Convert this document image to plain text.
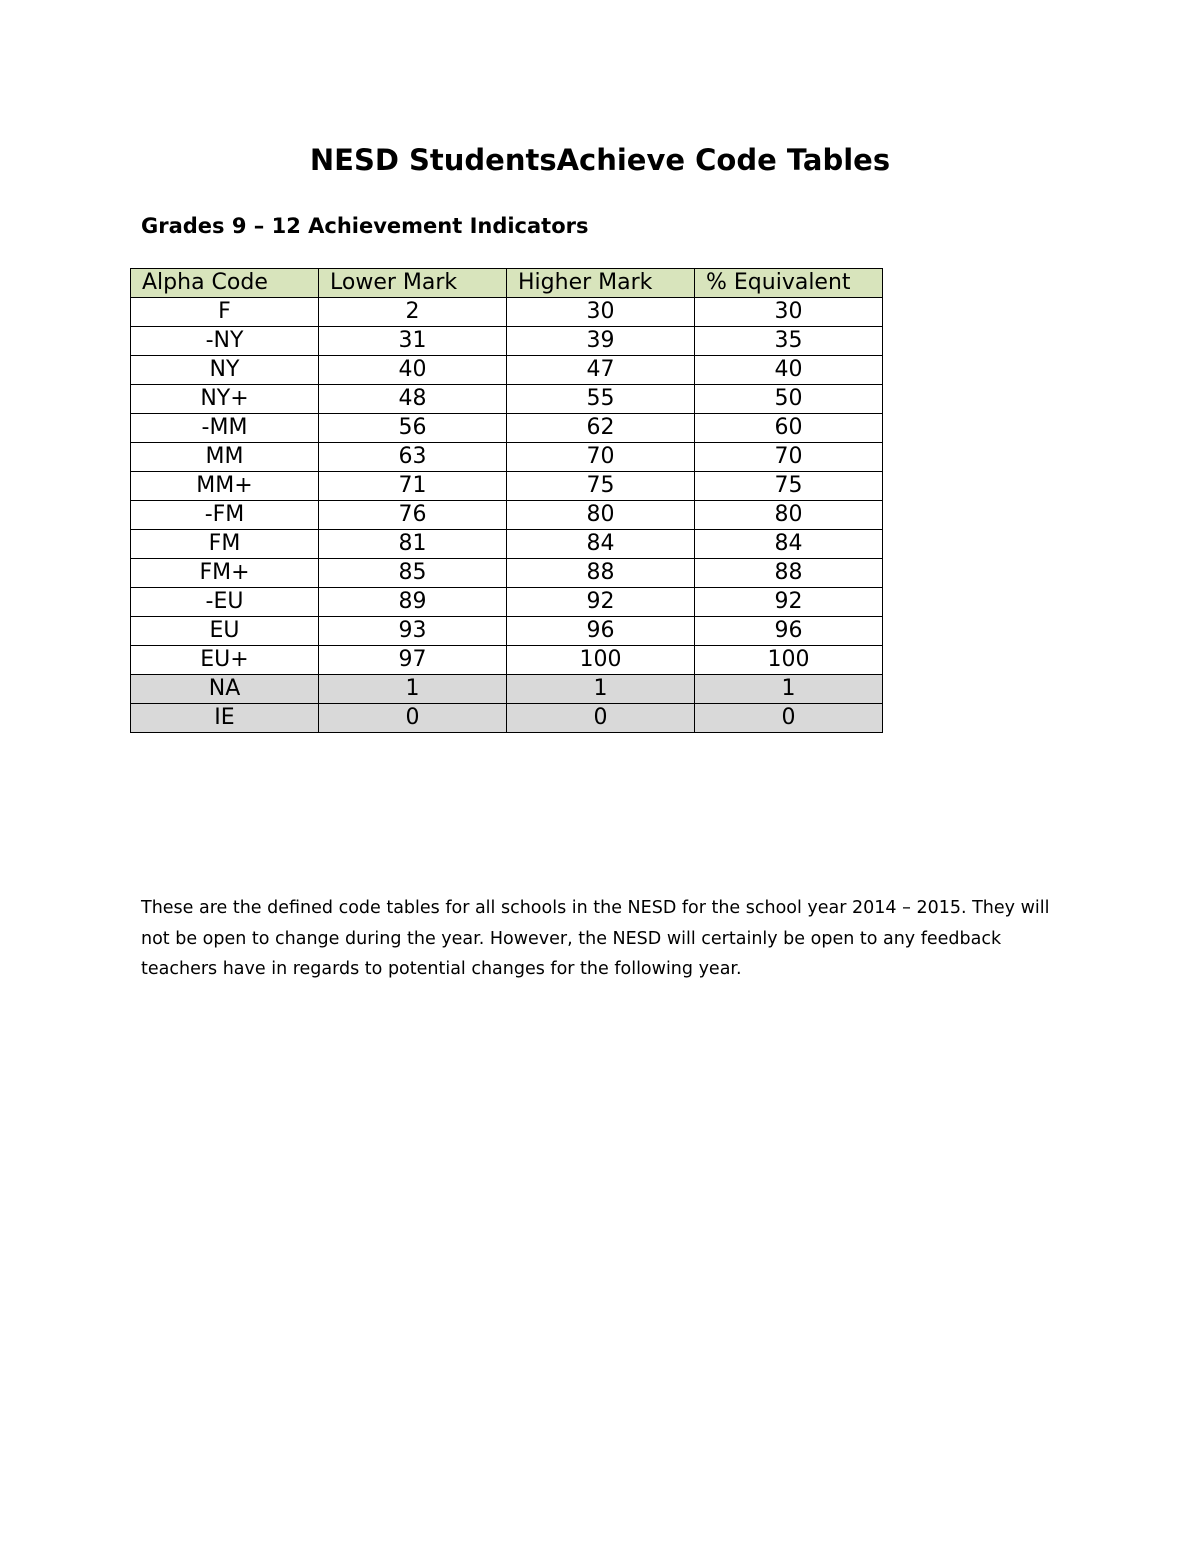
NESD StudentsAchieve Code Tables
Grades 9 – 12 Achievement Indicators
Alpha Code	Lower Mark	Higher Mark	% Equivalent
F	2	30	30
-NY	31	39	35
NY	40	47	40
NY+	48	55	50
-MM	56	62	60
MM	63	70	70
MM+	71	75	75
-FM	76	80	80
FM	81	84	84
FM+	85	88	88
-EU	89	92	92
EU	93	96	96
EU+	97	100	100
NA	1	1	1
IE	0	0	0

These are the defined code tables for all schools in the NESD for the school year 2014 – 2015. They will not be open to change during the year. However, the NESD will certainly be open to any feedback teachers have in regards to potential changes for the following year.
